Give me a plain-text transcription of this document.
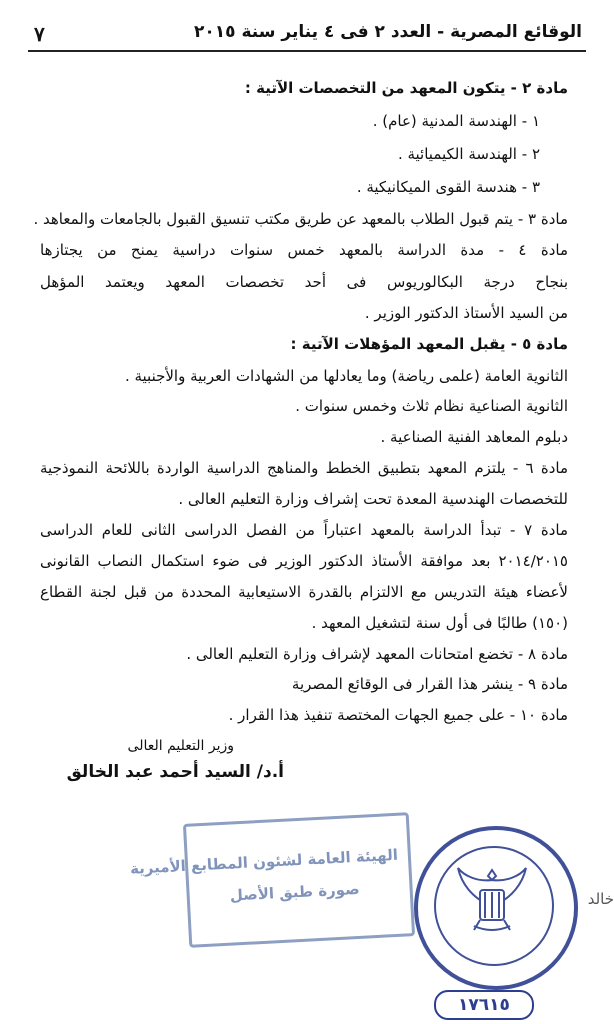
٧	الوقائع المصرية - العدد ٢ فى ٤ يناير سنة ٢٠١٥
مادة ٢ - يتكون المعهد من التخصصات الآتية :
١ - الهندسة المدنية (عام) .
٢ - الهندسة الكيميائية .
٣ - هندسة القوى الميكانيكية .
مادة ٣ - يتم قبول الطلاب بالمعهد عن طريق مكتب تنسيق القبول بالجامعات والمعاهد .
مادة ٤ - مدة الدراسة بالمعهد خمس سنوات دراسية يمنح من يجتازها
بنجاح درجة البكالوريوس فى أحد تخصصات المعهد ويعتمد المؤهل
من السيد الأستاذ الدكتور الوزير .
مادة ٥ - يقبل المعهد المؤهلات الآتية :
الثانوية العامة (علمى رياضة) وما يعادلها من الشهادات العربية والأجنبية .
الثانوية الصناعية نظام ثلاث وخمس سنوات .
دبلوم المعاهد الفنية الصناعية .
مادة ٦ - يلتزم المعهد بتطبيق الخطط والمناهج الدراسية الواردة باللائحة النموذجية
للتخصصات الهندسية المعدة تحت إشراف وزارة التعليم العالى .
مادة ٧ - تبدأ الدراسة بالمعهد اعتباراً من الفصل الدراسى الثانى للعام الدراسى
٢٠١٤/٢٠١٥ بعد موافقة الأستاذ الدكتور الوزير فى ضوء استكمال النصاب القانونى
لأعضاء هيئة التدريس مع الالتزام بالقدرة الاستيعابية المحددة من قبل لجنة القطاع
(١٥٠) طالبًا فى أول سنة لتشغيل المعهد .
مادة ٨ - تخضع امتحانات المعهد لإشراف وزارة التعليم العالى .
مادة ٩ - ينشر هذا القرار فى الوقائع المصرية
مادة ١٠ - على جميع الجهات المختصة تنفيذ هذا القرار .
وزير التعليم العالى
أ.د/ السيد أحمد عبد الخالق
الهيئة العامة لشئون المطابع الأميرية
صورة طبق الأصل
١٧٦١٥
خالد
